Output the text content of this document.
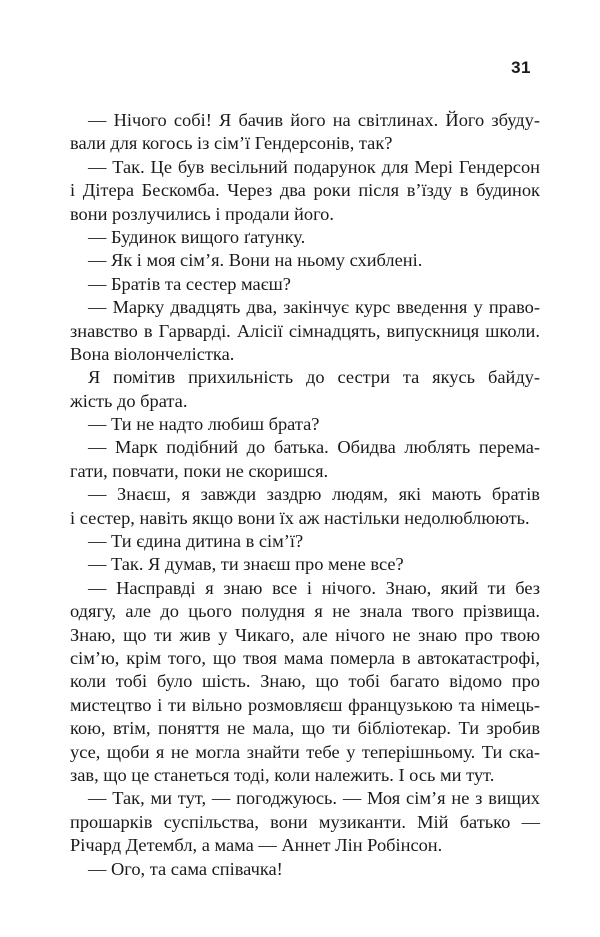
31
— Нічого собі! Я бачив його на світлинах. Його збуду-
вали для когось із сім’ї Гендерсонів, так?
— Так. Це був весільний подарунок для Мері Гендерсон
і Дітера Бескомба. Через два роки після в’їзду в будинок
вони розлучились і продали його.
— Будинок вищого ґатунку.
— Як і моя сім’я. Вони на ньому схиблені.
— Братів та сестер маєш?
— Марку двадцять два, закінчує курс введення у право-
знавство в Гарварді. Алісії сімнадцять, випускниця школи.
Вона віолончелістка.
Я помітив прихильність до сестри та якусь байду-
жість до брата.
— Ти не надто любиш брата?
— Марк подібний до батька. Обидва люблять перема-
гати, повчати, поки не скоришся.
— Знаєш, я завжди заздрю людям, які мають братів
і сестер, навіть якщо вони їх аж настільки недолюблюють.
— Ти єдина дитина в сім’ї?
— Так. Я думав, ти знаєш про мене все?
— Насправді я знаю все і нічого. Знаю, який ти без
одягу, але до цього полудня я не знала твого прізвища.
Знаю, що ти жив у Чикаго, але нічого не знаю про твою
сім’ю, крім того, що твоя мама померла в автокатастрофі,
коли тобі було шість. Знаю, що тобі багато відомо про
мистецтво і ти вільно розмовляєш французькою та німець-
кою, втім, поняття не мала, що ти бібліотекар. Ти зробив
усе, щоби я не могла знайти тебе у теперішньому. Ти ска-
зав, що це станеться тоді, коли належить. І ось ми тут.
— Так, ми тут, — погоджуюсь. — Моя сім’я не з вищих
прошарків суспільства, вони музиканти. Мій батько —
Річард Детембл, а мама — Аннет Лін Робінсон.
— Ого, та сама співачка!
